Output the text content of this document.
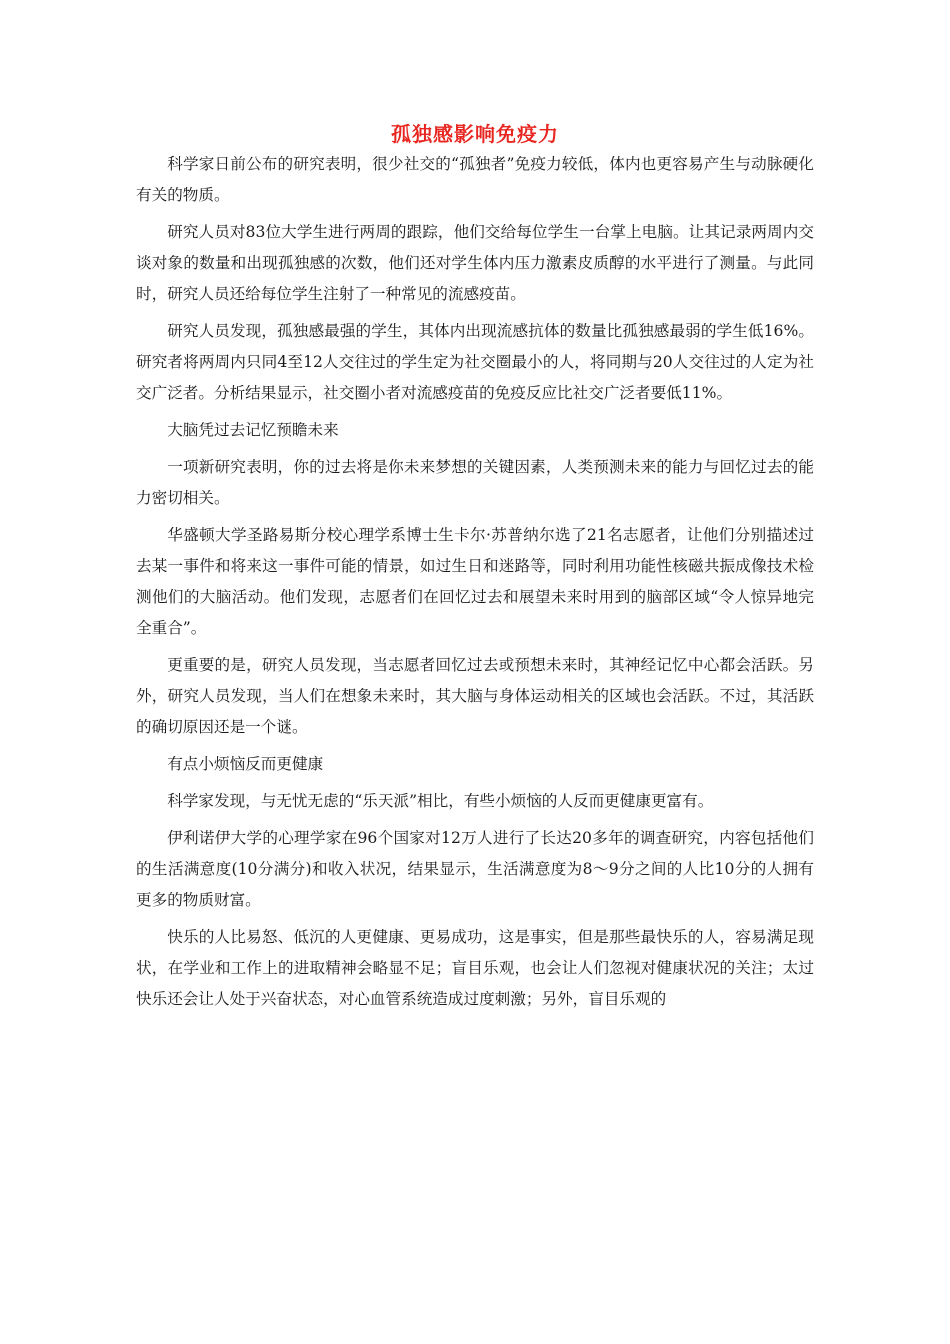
孤独感影响免疫力

科学家日前公布的研究表明，很少社交的“孤独者”免疫力较低，体内也更容易产生与动脉硬化有关的物质。

研究人员对83位大学生进行两周的跟踪，他们交给每位学生一台掌上电脑。让其记录两周内交谈对象的数量和出现孤独感的次数，他们还对学生体内压力激素皮质醇的水平进行了测量。与此同时，研究人员还给每位学生注射了一种常见的流感疫苗。

研究人员发现，孤独感最强的学生，其体内出现流感抗体的数量比孤独感最弱的学生低16%。研究者将两周内只同4至12人交往过的学生定为社交圈最小的人，将同期与20人交往过的人定为社交广泛者。分析结果显示，社交圈小者对流感疫苗的免疫反应比社交广泛者要低11%。

大脑凭过去记忆预瞻未来

一项新研究表明，你的过去将是你未来梦想的关键因素，人类预测未来的能力与回忆过去的能力密切相关。

华盛顿大学圣路易斯分校心理学系博士生卡尔·苏普纳尔选了21名志愿者，让他们分别描述过去某一事件和将来这一事件可能的情景，如过生日和迷路等，同时利用功能性核磁共振成像技术检测他们的大脑活动。他们发现，志愿者们在回忆过去和展望未来时用到的脑部区域“令人惊异地完全重合”。

更重要的是，研究人员发现，当志愿者回忆过去或预想未来时，其神经记忆中心都会活跃。另外，研究人员发现，当人们在想象未来时，其大脑与身体运动相关的区域也会活跃。不过，其活跃的确切原因还是一个谜。

有点小烦恼反而更健康

科学家发现，与无忧无虑的“乐天派”相比，有些小烦恼的人反而更健康更富有。

伊利诺伊大学的心理学家在96个国家对12万人进行了长达20多年的调查研究，内容包括他们的生活满意度(10分满分)和收入状况，结果显示，生活满意度为8～9分之间的人比10分的人拥有更多的物质财富。

快乐的人比易怒、低沉的人更健康、更易成功，这是事实，但是那些最快乐的人，容易满足现状，在学业和工作上的进取精神会略显不足；盲目乐观，也会让人们忽视对健康状况的关注；太过快乐还会让人处于兴奋状态，对心血管系统造成过度刺激；另外，盲目乐观的
